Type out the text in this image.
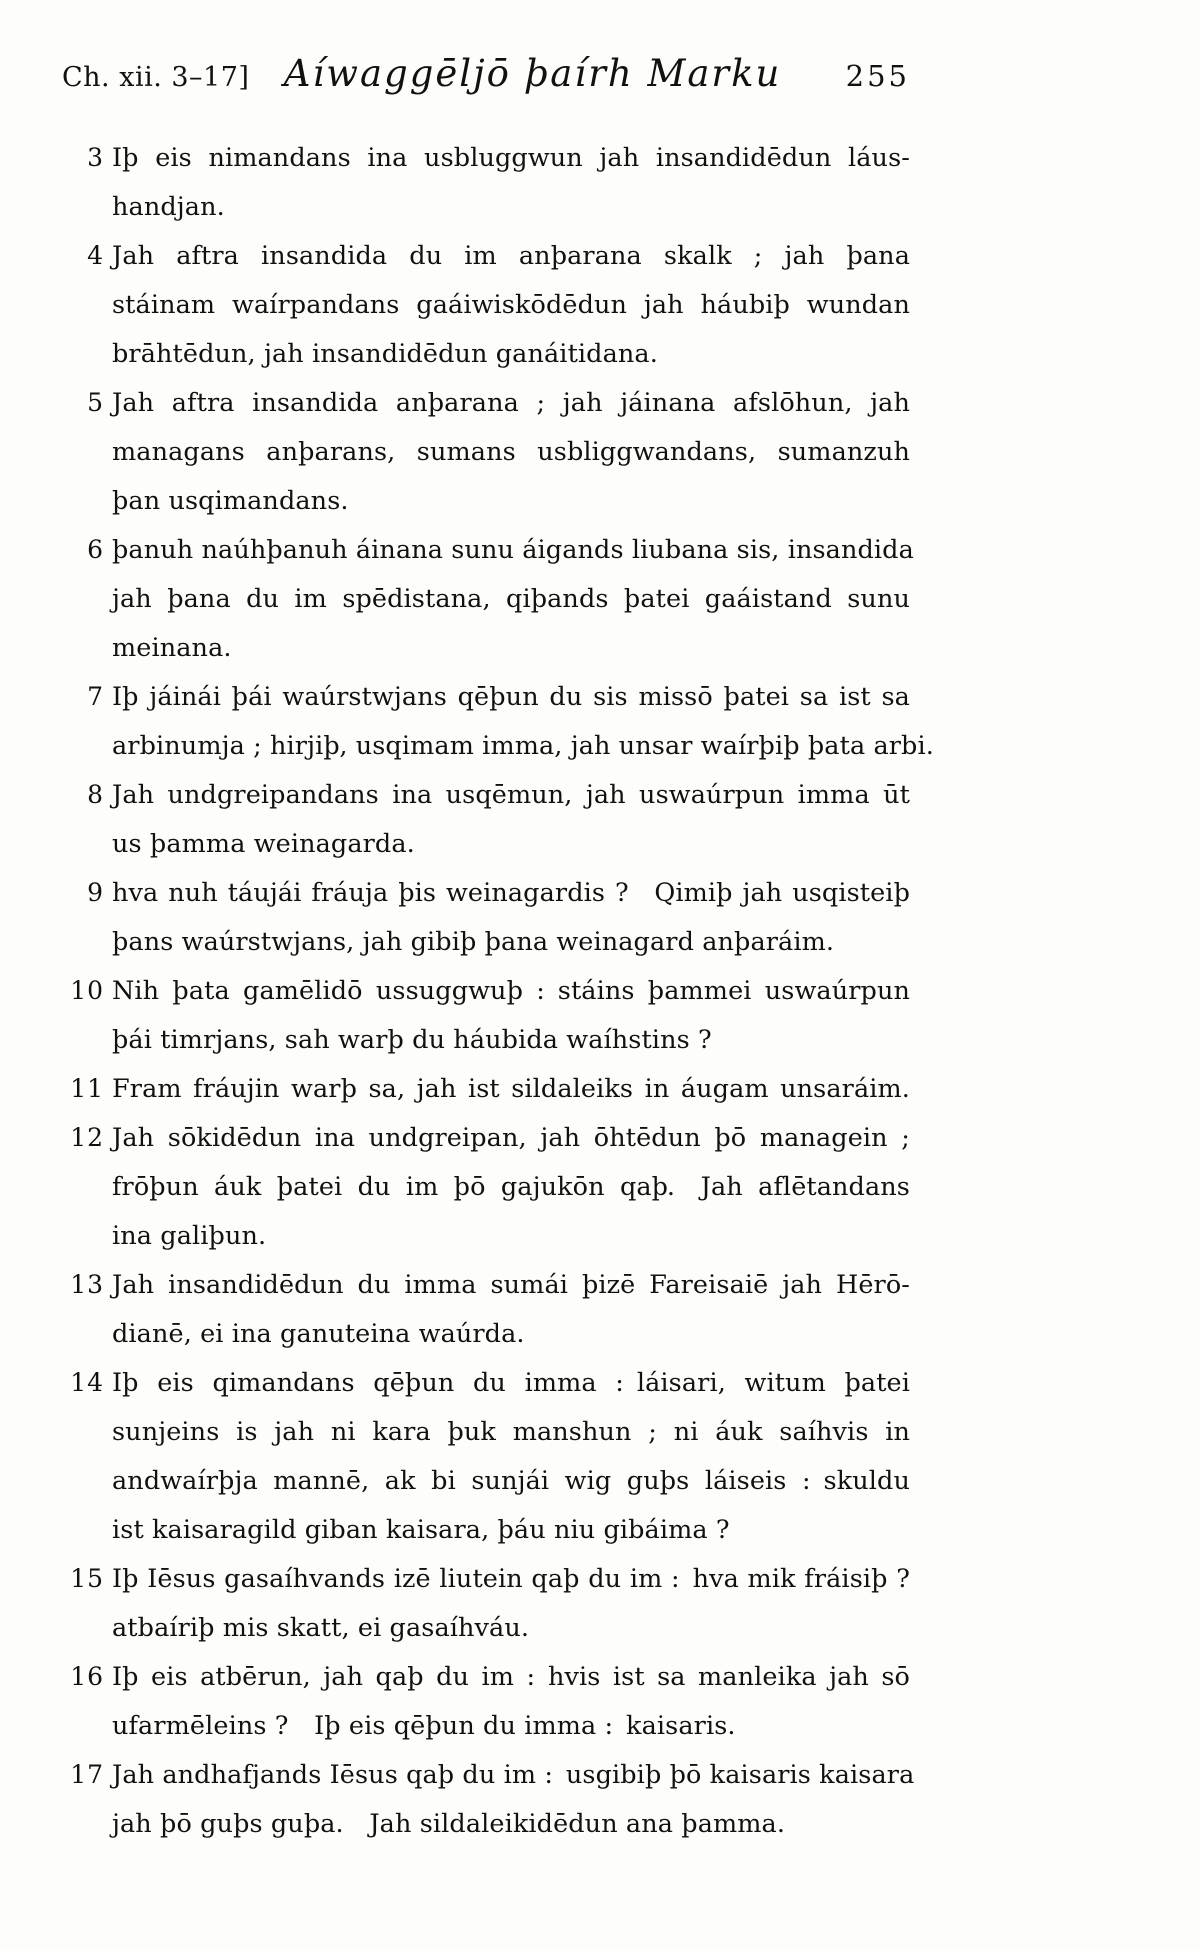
Ch. xii. 3–17] Aíwaggēljō þaírh Marku	255
3 Iþ eis nimandans ina usbluggwun jah insandidēdun láus-
handjan.
4 Jah aftra insandida du im anþarana skalk ; jah þana
stáinam waírpandans gaáiwiskōdēdun jah háubiþ wundan
brāhtēdun, jah insandidēdun ganáitidana.
5 Jah aftra insandida anþarana ; jah jáinana afslōhun, jah
managans anþarans, sumans usbliggwandans, sumanzuh
þan usqimandans.
6 þanuh naúhþanuh áinana sunu áigands liubana sis, insandida
jah þana du im spēdistana, qiþands þatei gaáistand sunu
meinana.
7 Iþ jáinái þái waúrstwjans qēþun du sis missō þatei sa ist sa
arbinumja ; hirjiþ, usqimam imma, jah unsar waírþiþ þata arbi.
8 Jah undgreipandans ina usqēmun, jah uswaúrpun imma ūt
us þamma weinagarda.
9 hva nuh táujái fráuja þis weinagardis ? Qimiþ jah usqisteiþ
þans waúrstwjans, jah gibiþ þana weinagard anþaráim.
10 Nih þata gamēlidō ussuggwuþ : stáins þammei uswaúrpun
þái timrjans, sah warþ du háubida waíhstins ?
11 Fram fráujin warþ sa, jah ist sildaleiks in áugam unsaráim.
12 Jah sōkidēdun ina undgreipan, jah ōhtēdun þō managein ;
frōþun áuk þatei du im þō gajukōn qaþ. Jah aflētandans
ina galiþun.
13 Jah insandidēdun du imma sumái þizē Fareisaiē jah Hērō-
dianē, ei ina ganuteina waúrda.
14 Iþ eis qimandans qēþun du imma : láisari, witum þatei
sunjeins is jah ni kara þuk manshun ; ni áuk saíhvis in
andwaírþja mannē, ak bi sunjái wig guþs láiseis : skuldu
ist kaisaragild giban kaisara, þáu niu gibáima ?
15 Iþ Iēsus gasaíhvands izē liutein qaþ du im : hva mik fráisiþ ?
atbaíriþ mis skatt, ei gasaíhváu.
16 Iþ eis atbērun, jah qaþ du im : hvis ist sa manleika jah sō
ufarmēleins ? Iþ eis qēþun du imma : kaisaris.
17 Jah andhafjands Iēsus qaþ du im : usgibiþ þō kaisaris kaisara
jah þō guþs guþa. Jah sildaleikidēdun ana þamma.
